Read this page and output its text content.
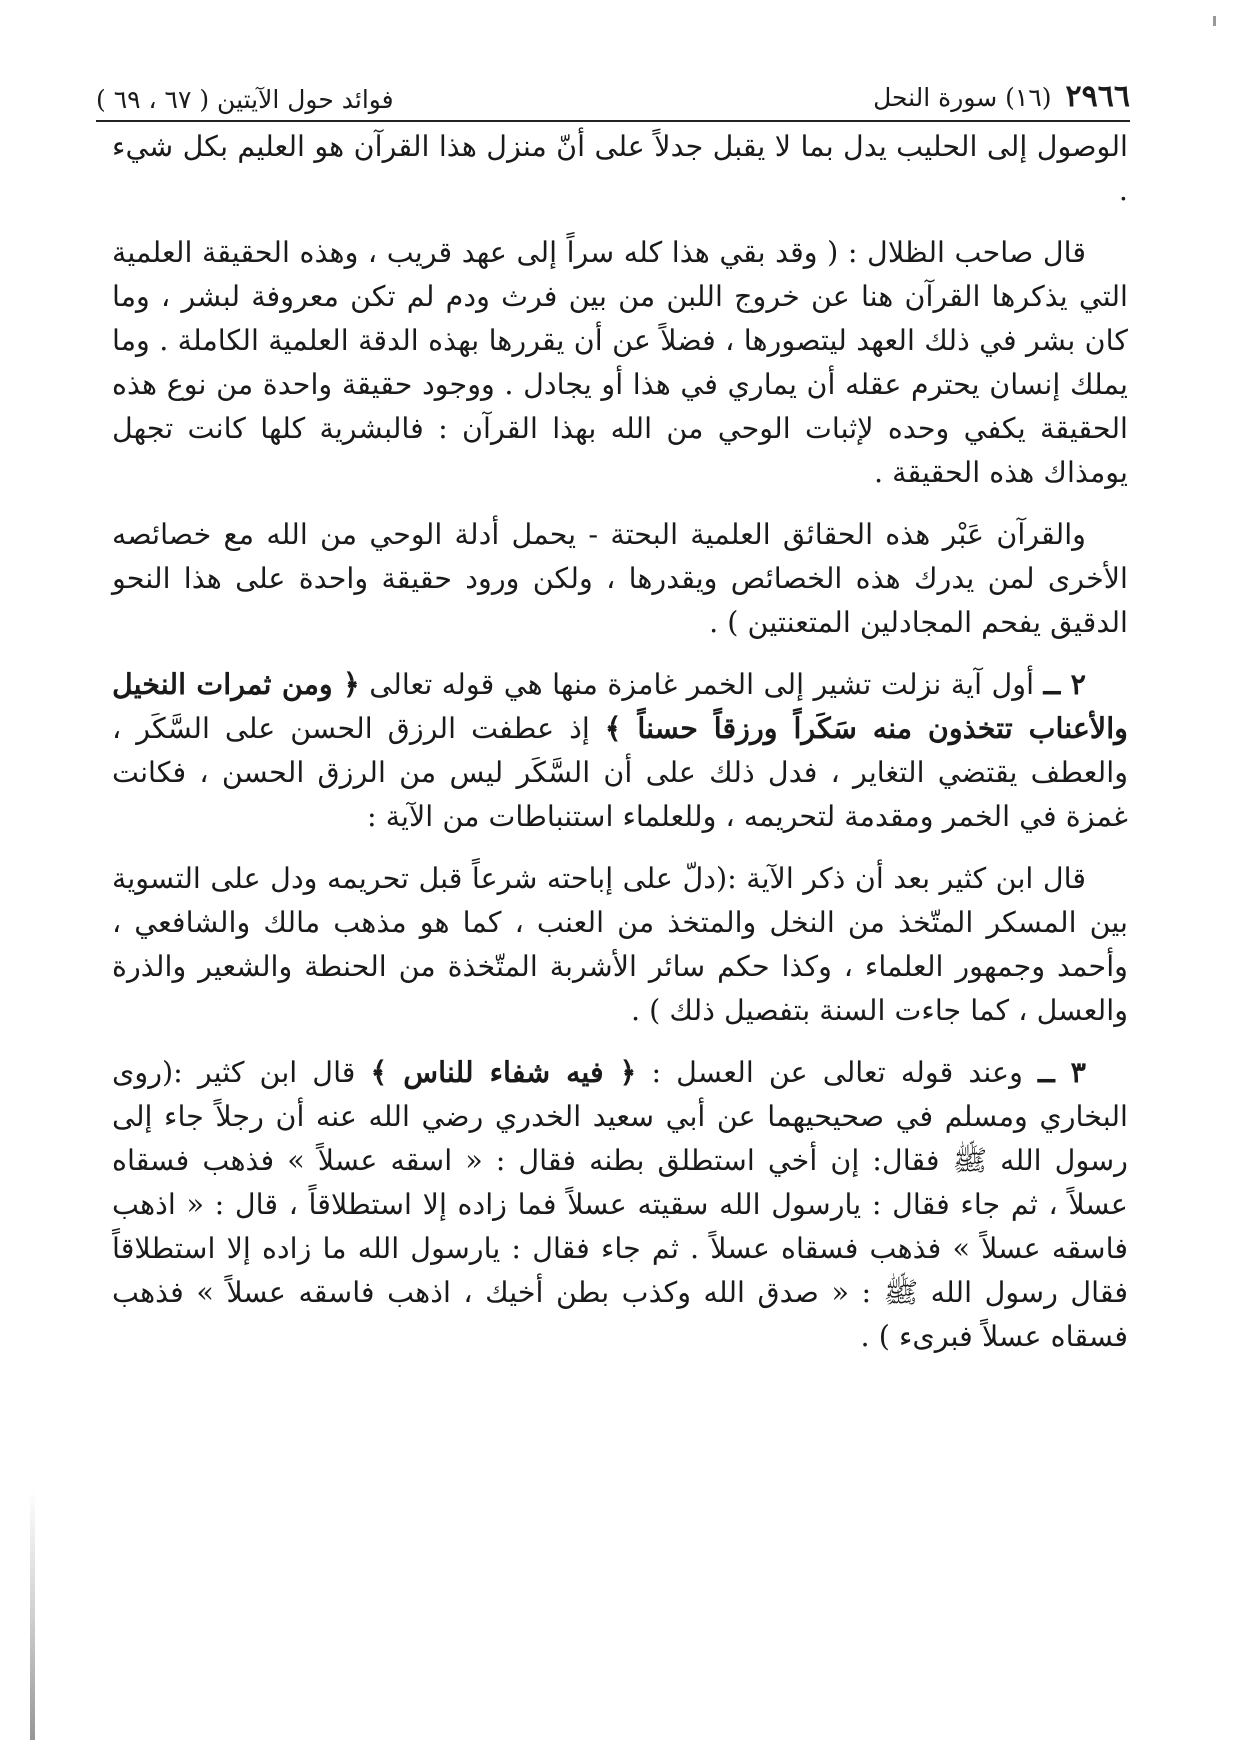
٢٩٦٦
(١٦) سورة النحل
فوائد حول الآيتين ( ٦٧ ، ٦٩ )

الوصول إلى الحليب يدل بما لا يقبل جدلاً على أنّ منزل هذا القرآن هو العليم بكل شيء .

قال صاحب الظلال : ( وقد بقي هذا كله سراً إلى عهد قريب ، وهذه الحقيقة العلمية التي يذكرها القرآن هنا عن خروج اللبن من بين فرث ودم لم تكن معروفة لبشر ، وما كان بشر في ذلك العهد ليتصورها ، فضلاً عن أن يقررها بهذه الدقة العلمية الكاملة . وما يملك إنسان يحترم عقله أن يماري في هذا أو يجادل . ووجود حقيقة واحدة من نوع هذه الحقيقة يكفي وحده لإثبات الوحي من الله بهذا القرآن : فالبشرية كلها كانت تجهل يومذاك هذه الحقيقة .

والقرآن عَبْر هذه الحقائق العلمية البحتة - يحمل أدلة الوحي من الله مع خصائصه الأخرى لمن يدرك هذه الخصائص ويقدرها ، ولكن ورود حقيقة واحدة على هذا النحو الدقيق يفحم المجادلين المتعنتين ) .

٢ ــ أول آية نزلت تشير إلى الخمر غامزة منها هي قوله تعالى ﴿ ومن ثمرات النخيل والأعناب تتخذون منه سَكَراً ورزقاً حسناً ﴾ إذ عطفت الرزق الحسن على السَّكَر ، والعطف يقتضي التغاير ، فدل ذلك على أن السَّكَر ليس من الرزق الحسن ، فكانت غمزة في الخمر ومقدمة لتحريمه ، وللعلماء استنباطات من الآية :

قال ابن كثير بعد أن ذكر الآية :(دلّ على إباحته شرعاً قبل تحريمه ودل على التسوية بين المسكر المتّخذ من النخل والمتخذ من العنب ، كما هو مذهب مالك والشافعي ، وأحمد وجمهور العلماء ، وكذا حكم سائر الأشربة المتّخذة من الحنطة والشعير والذرة والعسل ، كما جاءت السنة بتفصيل ذلك ) .

٣ ــ وعند قوله تعالى عن العسل : ﴿ فيه شفاء للناس ﴾ قال ابن كثير :(روى البخاري ومسلم في صحيحيهما عن أبي سعيد الخدري رضي الله عنه أن رجلاً جاء إلى رسول الله ﷺ فقال: إن أخي استطلق بطنه فقال : « اسقه عسلاً » فذهب فسقاه عسلاً ، ثم جاء فقال : يارسول الله سقيته عسلاً فما زاده إلا استطلاقاً ، قال : « اذهب فاسقه عسلاً » فذهب فسقاه عسلاً . ثم جاء فقال : يارسول الله ما زاده إلا استطلاقاً فقال رسول الله ﷺ : « صدق الله وكذب بطن أخيك ، اذهب فاسقه عسلاً » فذهب فسقاه عسلاً فبرىء ) .
